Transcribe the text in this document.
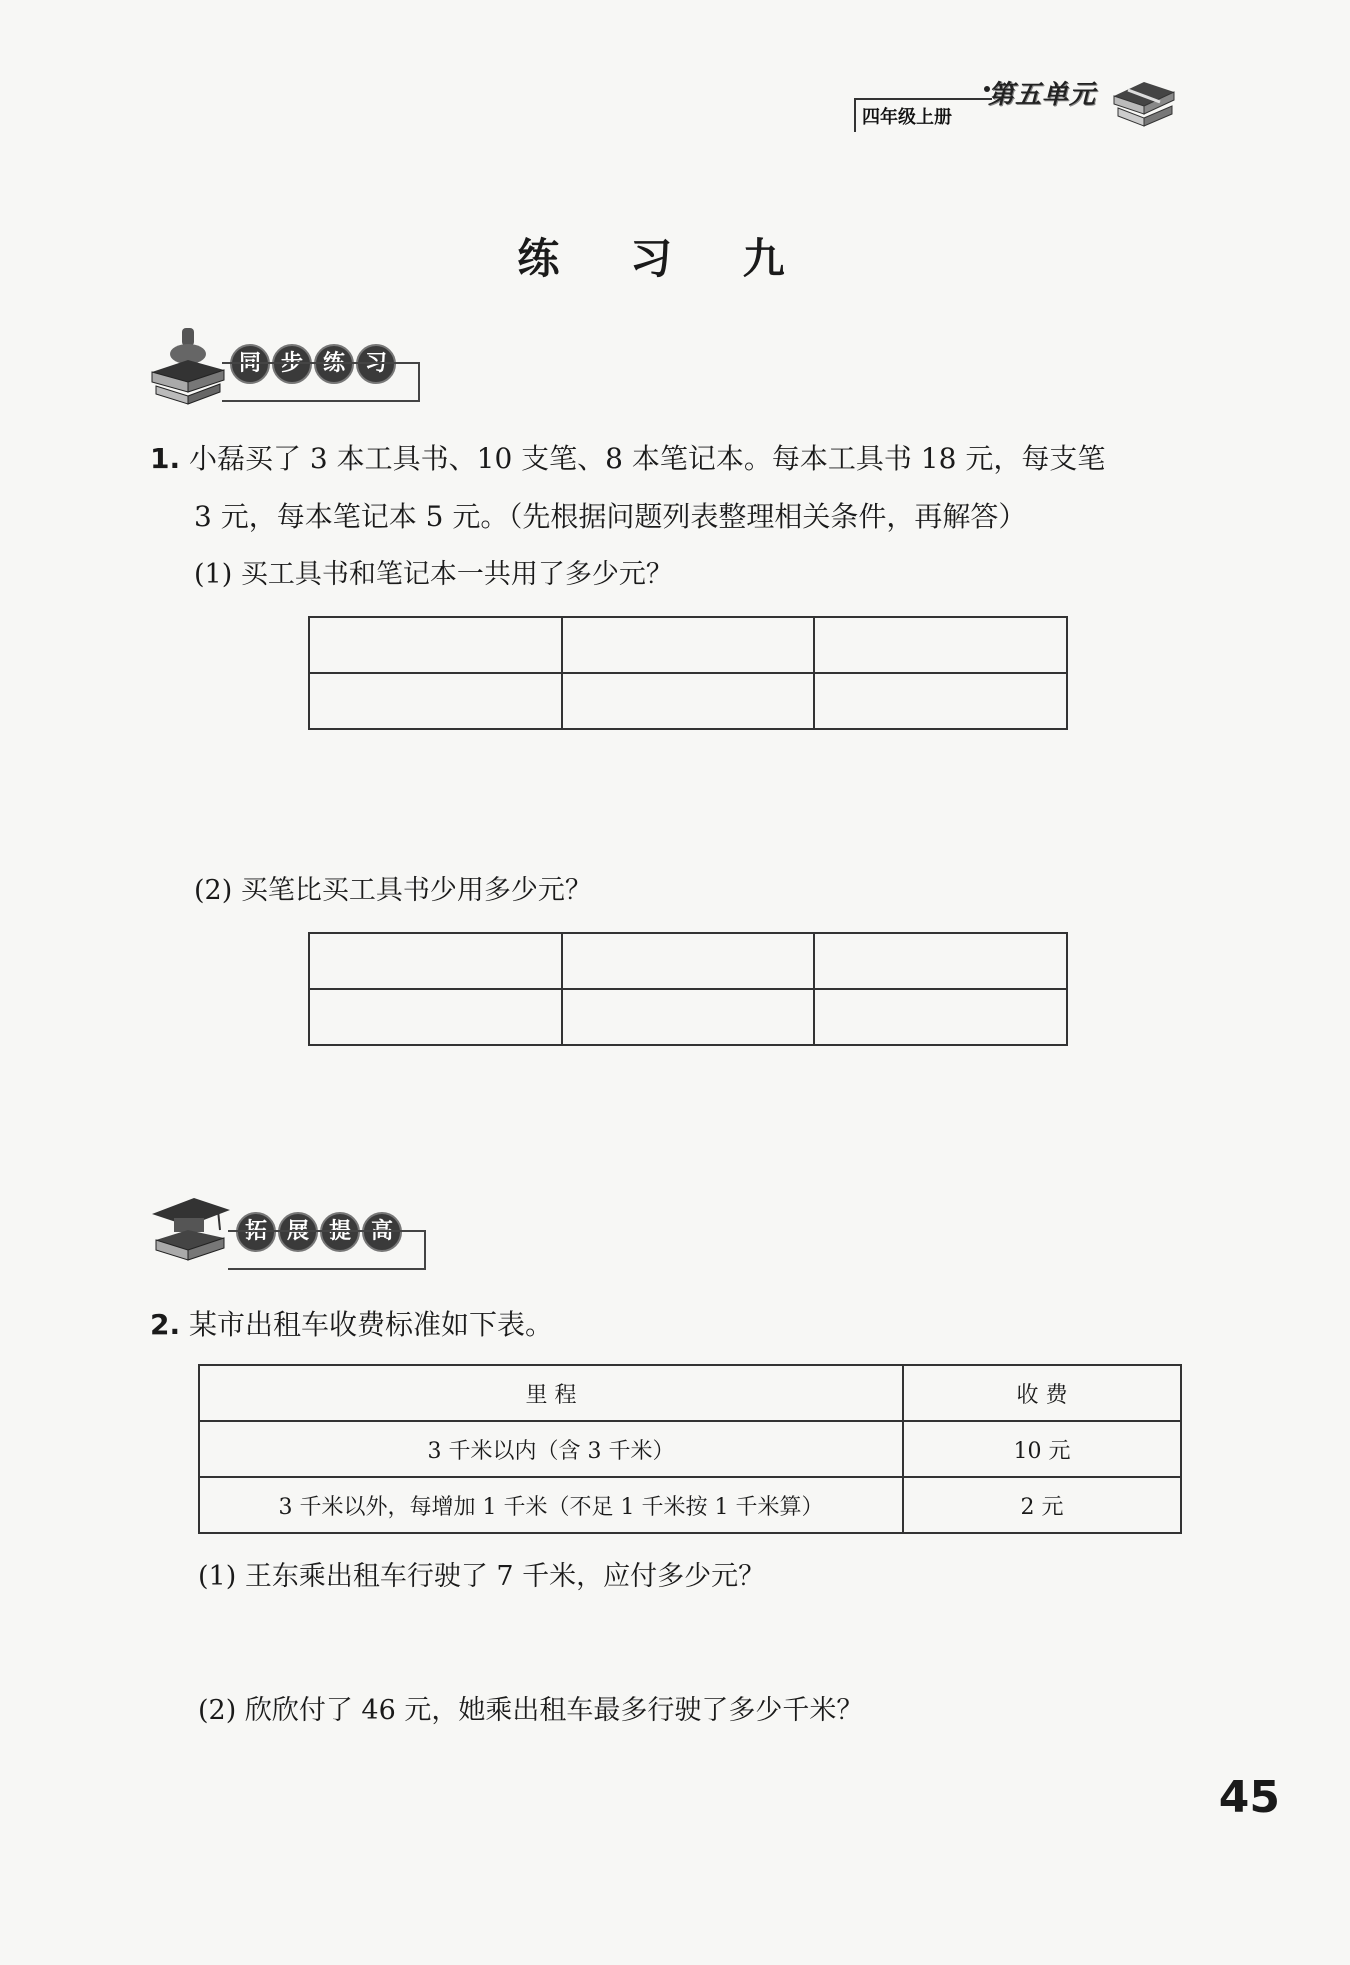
第五单元
四年级上册
练 习 九
同 步 练 习
1. 小磊买了 3 本工具书、10 支笔、8 本笔记本。每本工具书 18 元，每支笔
3 元，每本笔记本 5 元。（先根据问题列表整理相关条件，再解答）
(1) 买工具书和笔记本一共用了多少元？

(2) 买笔比买工具书少用多少元？

拓 展 提 高
2. 某市出租车收费标准如下表。
里 程	收 费
3 千米以内（含 3 千米）	10 元
3 千米以外，每增加 1 千米（不足 1 千米按 1 千米算）	2 元
(1) 王东乘出租车行驶了 7 千米，应付多少元？
(2) 欣欣付了 46 元，她乘出租车最多行驶了多少千米？
45
